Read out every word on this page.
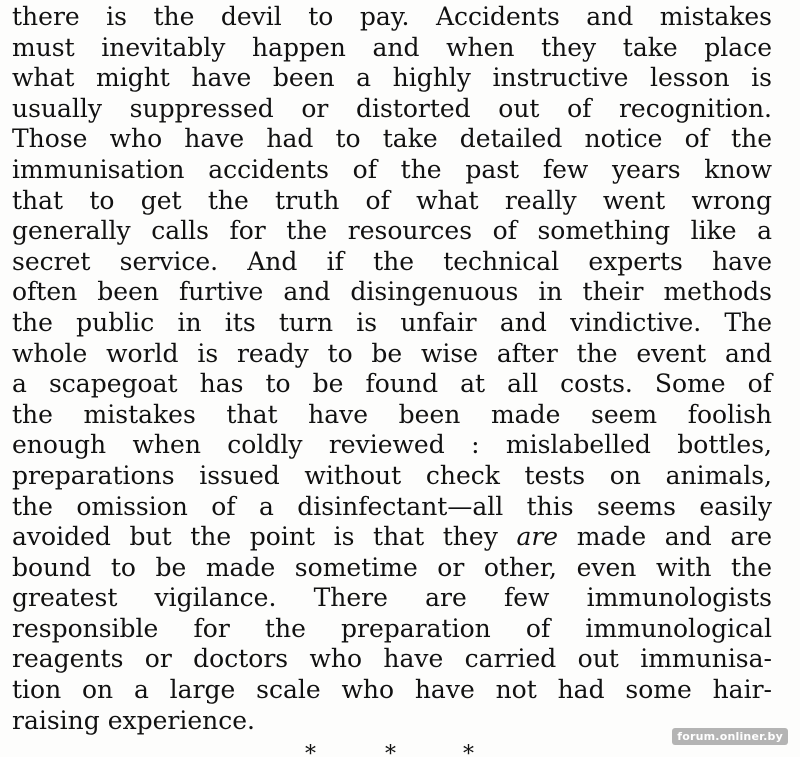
there is the devil to pay. Accidents and mistakes
must inevitably happen and when they take place
what might have been a highly instructive lesson is
usually suppressed or distorted out of recognition.
Those who have had to take detailed notice of the
immunisation accidents of the past few years know
that to get the truth of what really went wrong
generally calls for the resources of something like a
secret service. And if the technical experts have
often been furtive and disingenuous in their methods
the public in its turn is unfair and vindictive. The
whole world is ready to be wise after the event and
a scapegoat has to be found at all costs. Some of
the mistakes that have been made seem foolish
enough when coldly reviewed : mislabelled bottles,
preparations issued without check tests on animals,
the omission of a disinfectant—all this seems easily
avoided but the point is that they are made and are
bound to be made sometime or other, even with the
greatest vigilance. There are few immunologists
responsible for the preparation of immunological
reagents or doctors who have carried out immunisa-
tion on a large scale who have not had some hair-
raising experience.
*	*	*
forum.onliner.by
